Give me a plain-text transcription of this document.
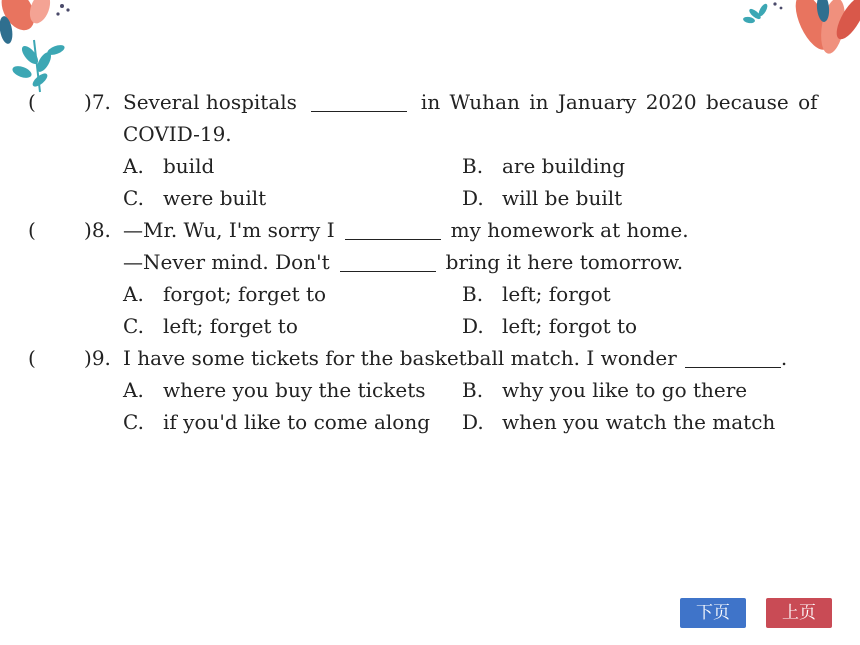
( )7. Several hospitals	in Wuhan in January 2020 because of
COVID-19.
A. build	B. are building
C. were built	D. will be built
( )8. —Mr. Wu, I'm sorry I	my homework at home.
—Never mind. Don't	bring it here tomorrow.
A. forgot; forget to	B. left; forgot
C. left; forget to	D. left; forgot to
( )9. I have some tickets for the basketball match. I wonder	.
A. where you buy the tickets B. why you like to go there
C. if you'd like to come along D. when you watch the match
下页	上页
